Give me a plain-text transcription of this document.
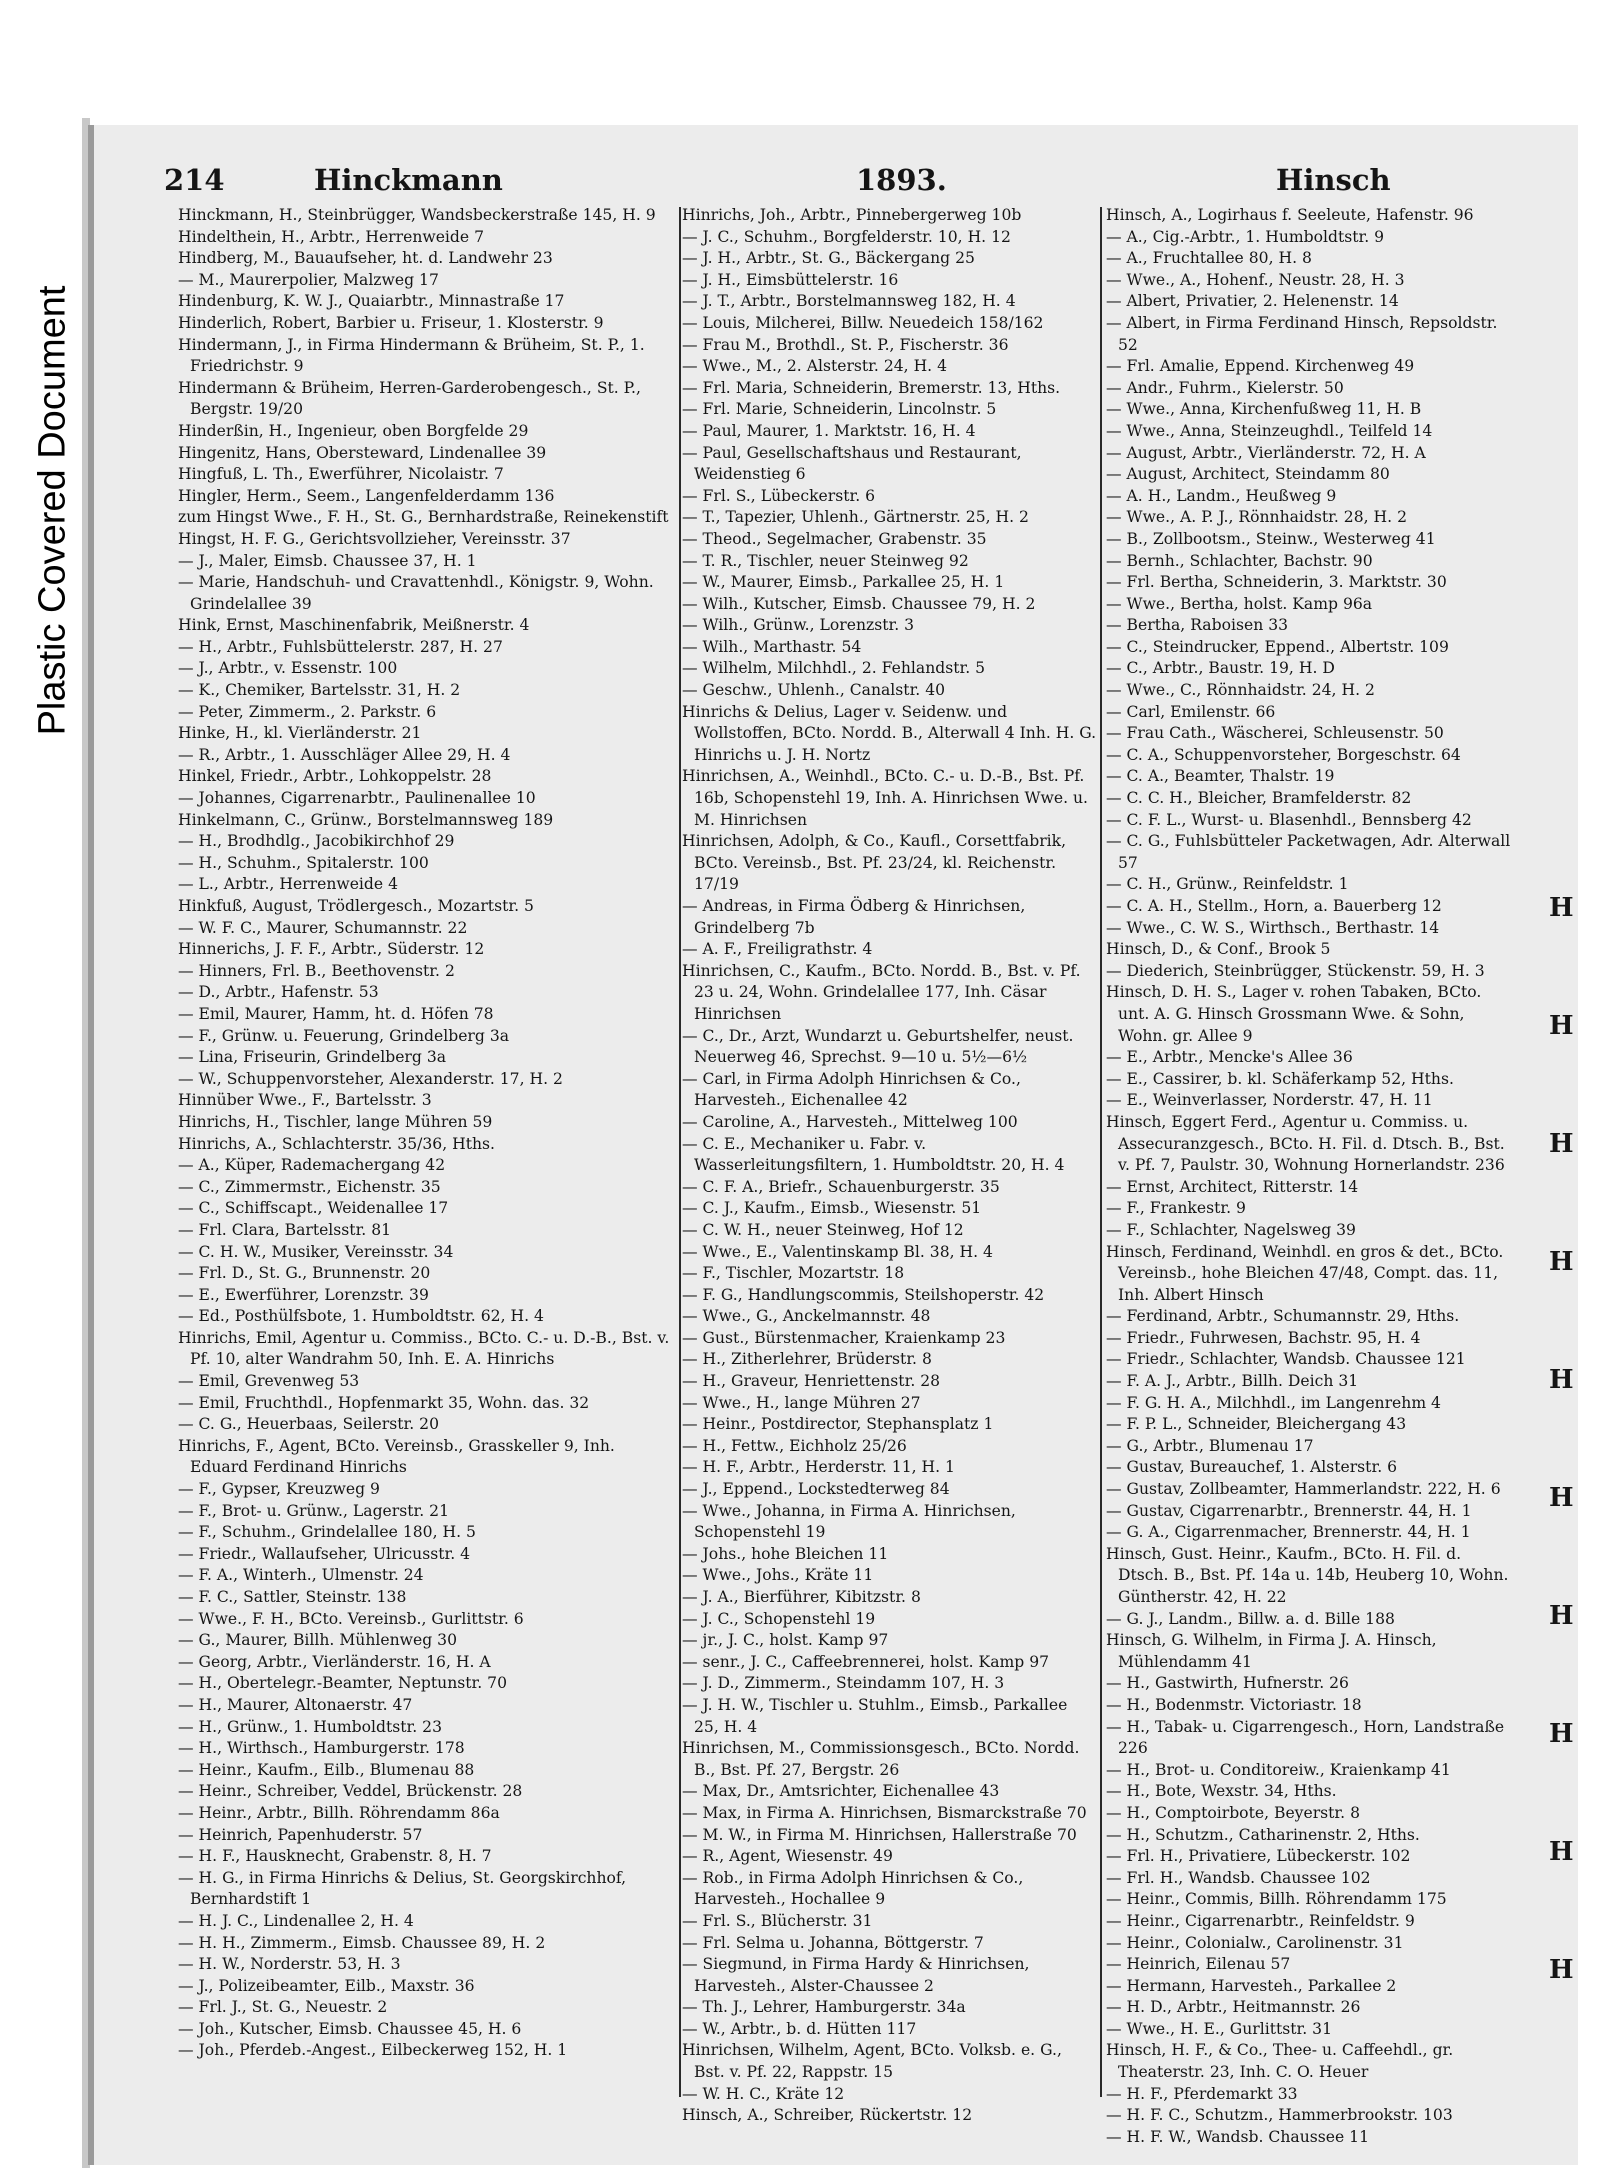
Plastic Covered Document
214	Hinckmann	1893.	Hinsch

Hinckmann, H., Steinbrügger, Wandsbeckerstraße 145, H. 9

Hindelthein, H., Arbtr., Herrenweide 7

Hindberg, M., Bauaufseher, ht. d. Landwehr 23

— M., Maurerpolier, Malzweg 17

Hindenburg, K. W. J., Quaiarbtr., Minnastraße 17

Hinderlich, Robert, Barbier u. Friseur, 1. Klosterstr. 9

Hindermann, J., in Firma Hindermann & Brüheim, St. P., 1. Friedrichstr. 9

Hindermann & Brüheim, Herren-Garderobengesch., St. P., Bergstr. 19/20

Hinderßin, H., Ingenieur, oben Borgfelde 29

Hingenitz, Hans, Obersteward, Lindenallee 39

Hingfuß, L. Th., Ewerführer, Nicolaistr. 7

Hingler, Herm., Seem., Langenfelderdamm 136

zum Hingst Wwe., F. H., St. G., Bernhardstraße, Reinekenstift

Hingst, H. F. G., Gerichtsvollzieher, Vereinsstr. 37

— J., Maler, Eimsb. Chaussee 37, H. 1

— Marie, Handschuh- und Cravattenhdl., Königstr. 9, Wohn. Grindelallee 39

Hink, Ernst, Maschinenfabrik, Meißnerstr. 4

— H., Arbtr., Fuhlsbüttelerstr. 287, H. 27

— J., Arbtr., v. Essenstr. 100

— K., Chemiker, Bartelsstr. 31, H. 2

— Peter, Zimmerm., 2. Parkstr. 6

Hinke, H., kl. Vierländerstr. 21

— R., Arbtr., 1. Ausschläger Allee 29, H. 4

Hinkel, Friedr., Arbtr., Lohkoppelstr. 28

— Johannes, Cigarrenarbtr., Paulinenallee 10

Hinkelmann, C., Grünw., Borstelmannsweg 189

— H., Brodhdlg., Jacobikirchhof 29

— H., Schuhm., Spitalerstr. 100

— L., Arbtr., Herrenweide 4

Hinkfuß, August, Trödlergesch., Mozartstr. 5

— W. F. C., Maurer, Schumannstr. 22

Hinnerichs, J. F. F., Arbtr., Süderstr. 12

— Hinners, Frl. B., Beethovenstr. 2

— D., Arbtr., Hafenstr. 53

— Emil, Maurer, Hamm, ht. d. Höfen 78

— F., Grünw. u. Feuerung, Grindelberg 3a

— Lina, Friseurin, Grindelberg 3a

— W., Schuppenvorsteher, Alexanderstr. 17, H. 2

Hinnüber Wwe., F., Bartelsstr. 3

Hinrichs, H., Tischler, lange Mühren 59

Hinrichs, A., Schlachterstr. 35/36, Hths.

— A., Küper, Rademachergang 42

— C., Zimmermstr., Eichenstr. 35

— C., Schiffscapt., Weidenallee 17

— Frl. Clara, Bartelsstr. 81

— C. H. W., Musiker, Vereinsstr. 34

— Frl. D., St. G., Brunnenstr. 20

— E., Ewerführer, Lorenzstr. 39

— Ed., Posthülfsbote, 1. Humboldtstr. 62, H. 4

Hinrichs, Emil, Agentur u. Commiss., BCto. C.- u. D.-B., Bst. v. Pf. 10, alter Wandrahm 50, Inh. E. A. Hinrichs

— Emil, Grevenweg 53

— Emil, Fruchthdl., Hopfenmarkt 35, Wohn. das. 32

— C. G., Heuerbaas, Seilerstr. 20

Hinrichs, F., Agent, BCto. Vereinsb., Grasskeller 9, Inh. Eduard Ferdinand Hinrichs

— F., Gypser, Kreuzweg 9

— F., Brot- u. Grünw., Lagerstr. 21

— F., Schuhm., Grindelallee 180, H. 5

— Friedr., Wallaufseher, Ulricusstr. 4

— F. A., Winterh., Ulmenstr. 24

— F. C., Sattler, Steinstr. 138

— Wwe., F. H., BCto. Vereinsb., Gurlittstr. 6

— G., Maurer, Billh. Mühlenweg 30

— Georg, Arbtr., Vierländerstr. 16, H. A

— H., Obertelegr.-Beamter, Neptunstr. 70

— H., Maurer, Altonaerstr. 47

— H., Grünw., 1. Humboldtstr. 23

— H., Wirthsch., Hamburgerstr. 178

— Heinr., Kaufm., Eilb., Blumenau 88

— Heinr., Schreiber, Veddel, Brückenstr. 28

— Heinr., Arbtr., Billh. Röhrendamm 86a

— Heinrich, Papenhuderstr. 57

— H. F., Hausknecht, Grabenstr. 8, H. 7

— H. G., in Firma Hinrichs & Delius, St. Georgskirchhof, Bernhardstift 1

— H. J. C., Lindenallee 2, H. 4

— H. H., Zimmerm., Eimsb. Chaussee 89, H. 2

— H. W., Norderstr. 53, H. 3

— J., Polizeibeamter, Eilb., Maxstr. 36

— Frl. J., St. G., Neuestr. 2

— Joh., Kutscher, Eimsb. Chaussee 45, H. 6

— Joh., Pferdeb.-Angest., Eilbeckerweg 152, H. 1

Hinrichs, Joh., Arbtr., Pinnebergerweg 10b

— J. C., Schuhm., Borgfelderstr. 10, H. 12

— J. H., Arbtr., St. G., Bäckergang 25

— J. H., Eimsbüttelerstr. 16

— J. T., Arbtr., Borstelmannsweg 182, H. 4

— Louis, Milcherei, Billw. Neuedeich 158/162

— Frau M., Brothdl., St. P., Fischerstr. 36

— Wwe., M., 2. Alsterstr. 24, H. 4

— Frl. Maria, Schneiderin, Bremerstr. 13, Hths.

— Frl. Marie, Schneiderin, Lincolnstr. 5

— Paul, Maurer, 1. Marktstr. 16, H. 4

— Paul, Gesellschaftshaus und Restaurant, Weidenstieg 6

— Frl. S., Lübeckerstr. 6

— T., Tapezier, Uhlenh., Gärtnerstr. 25, H. 2

— Theod., Segelmacher, Grabenstr. 35

— T. R., Tischler, neuer Steinweg 92

— W., Maurer, Eimsb., Parkallee 25, H. 1

— Wilh., Kutscher, Eimsb. Chaussee 79, H. 2

— Wilh., Grünw., Lorenzstr. 3

— Wilh., Marthastr. 54

— Wilhelm, Milchhdl., 2. Fehlandstr. 5

— Geschw., Uhlenh., Canalstr. 40

Hinrichs & Delius, Lager v. Seidenw. und Wollstoffen, BCto. Nordd. B., Alterwall 4 Inh. H. G. Hinrichs u. J. H. Nortz

Hinrichsen, A., Weinhdl., BCto. C.- u. D.-B., Bst. Pf. 16b, Schopenstehl 19, Inh. A. Hinrichsen Wwe. u. M. Hinrichsen

Hinrichsen, Adolph, & Co., Kaufl., Corsettfabrik, BCto. Vereinsb., Bst. Pf. 23/24, kl. Reichenstr. 17/19

— Andreas, in Firma Ödberg & Hinrichsen, Grindelberg 7b

— A. F., Freiligrathstr. 4

Hinrichsen, C., Kaufm., BCto. Nordd. B., Bst. v. Pf. 23 u. 24, Wohn. Grindelallee 177, Inh. Cäsar Hinrichsen

— C., Dr., Arzt, Wundarzt u. Geburtshelfer, neust. Neuerweg 46, Sprechst. 9—10 u. 5½—6½

— Carl, in Firma Adolph Hinrichsen & Co., Harvesteh., Eichenallee 42

— Caroline, A., Harvesteh., Mittelweg 100

— C. E., Mechaniker u. Fabr. v. Wasserleitungsfiltern, 1. Humboldtstr. 20, H. 4

— C. F. A., Briefr., Schauenburgerstr. 35

— C. J., Kaufm., Eimsb., Wiesenstr. 51

— C. W. H., neuer Steinweg, Hof 12

— Wwe., E., Valentinskamp Bl. 38, H. 4

— F., Tischler, Mozartstr. 18

— F. G., Handlungscommis, Steilshoperstr. 42

— Wwe., G., Anckelmannstr. 48

— Gust., Bürstenmacher, Kraienkamp 23

— H., Zitherlehrer, Brüderstr. 8

— H., Graveur, Henriettenstr. 28

— Wwe., H., lange Mühren 27

— Heinr., Postdirector, Stephansplatz 1

— H., Fettw., Eichholz 25/26

— H. F., Arbtr., Herderstr. 11, H. 1

— J., Eppend., Lockstedterweg 84

— Wwe., Johanna, in Firma A. Hinrichsen, Schopenstehl 19

— Johs., hohe Bleichen 11

— Wwe., Johs., Kräte 11

— J. A., Bierführer, Kibitzstr. 8

— J. C., Schopenstehl 19

— jr., J. C., holst. Kamp 97

— senr., J. C., Caffeebrennerei, holst. Kamp 97

— J. D., Zimmerm., Steindamm 107, H. 3

— J. H. W., Tischler u. Stuhlm., Eimsb., Parkallee 25, H. 4

Hinrichsen, M., Commissionsgesch., BCto. Nordd. B., Bst. Pf. 27, Bergstr. 26

— Max, Dr., Amtsrichter, Eichenallee 43

— Max, in Firma A. Hinrichsen, Bismarckstraße 70

— M. W., in Firma M. Hinrichsen, Hallerstraße 70

— R., Agent, Wiesenstr. 49

— Rob., in Firma Adolph Hinrichsen & Co., Harvesteh., Hochallee 9

— Frl. S., Blücherstr. 31

— Frl. Selma u. Johanna, Böttgerstr. 7

— Siegmund, in Firma Hardy & Hinrichsen, Harvesteh., Alster-Chaussee 2

— Th. J., Lehrer, Hamburgerstr. 34a

— W., Arbtr., b. d. Hütten 117

Hinrichsen, Wilhelm, Agent, BCto. Volksb. e. G., Bst. v. Pf. 22, Rappstr. 15

— W. H. C., Kräte 12

Hinsch, A., Schreiber, Rückertstr. 12

Hinsch, A., Logirhaus f. Seeleute, Hafenstr. 96

— A., Cig.-Arbtr., 1. Humboldtstr. 9

— A., Fruchtallee 80, H. 8

— Wwe., A., Hohenf., Neustr. 28, H. 3

— Albert, Privatier, 2. Helenenstr. 14

— Albert, in Firma Ferdinand Hinsch, Repsoldstr. 52

— Frl. Amalie, Eppend. Kirchenweg 49

— Andr., Fuhrm., Kielerstr. 50

— Wwe., Anna, Kirchenfußweg 11, H. B

— Wwe., Anna, Steinzeughdl., Teilfeld 14

— August, Arbtr., Vierländerstr. 72, H. A

— August, Architect, Steindamm 80

— A. H., Landm., Heußweg 9

— Wwe., A. P. J., Rönnhaidstr. 28, H. 2

— B., Zollbootsm., Steinw., Westerweg 41

— Bernh., Schlachter, Bachstr. 90

— Frl. Bertha, Schneiderin, 3. Marktstr. 30

— Wwe., Bertha, holst. Kamp 96a

— Bertha, Raboisen 33

— C., Steindrucker, Eppend., Albertstr. 109

— C., Arbtr., Baustr. 19, H. D

— Wwe., C., Rönnhaidstr. 24, H. 2

— Carl, Emilenstr. 66

— Frau Cath., Wäscherei, Schleusenstr. 50

— C. A., Schuppenvorsteher, Borgeschstr. 64

— C. A., Beamter, Thalstr. 19

— C. C. H., Bleicher, Bramfelderstr. 82

— C. F. L., Wurst- u. Blasenhdl., Bennsberg 42

— C. G., Fuhlsbütteler Packetwagen, Adr. Alterwall 57

— C. H., Grünw., Reinfeldstr. 1

— C. A. H., Stellm., Horn, a. Bauerberg 12

— Wwe., C. W. S., Wirthsch., Berthastr. 14

Hinsch, D., & Conf., Brook 5

— Diederich, Steinbrügger, Stückenstr. 59, H. 3

Hinsch, D. H. S., Lager v. rohen Tabaken, BCto. unt. A. G. Hinsch Grossmann Wwe. & Sohn, Wohn. gr. Allee 9

— E., Arbtr., Mencke's Allee 36

— E., Cassirer, b. kl. Schäferkamp 52, Hths.

— E., Weinverlasser, Norderstr. 47, H. 11

Hinsch, Eggert Ferd., Agentur u. Commiss. u. Assecuranzgesch., BCto. H. Fil. d. Dtsch. B., Bst. v. Pf. 7, Paulstr. 30, Wohnung Hornerlandstr. 236

— Ernst, Architect, Ritterstr. 14

— F., Frankestr. 9

— F., Schlachter, Nagelsweg 39

Hinsch, Ferdinand, Weinhdl. en gros & det., BCto. Vereinsb., hohe Bleichen 47/48, Compt. das. 11, Inh. Albert Hinsch

— Ferdinand, Arbtr., Schumannstr. 29, Hths.

— Friedr., Fuhrwesen, Bachstr. 95, H. 4

— Friedr., Schlachter, Wandsb. Chaussee 121

— F. A. J., Arbtr., Billh. Deich 31

— F. G. H. A., Milchhdl., im Langenrehm 4

— F. P. L., Schneider, Bleichergang 43

— G., Arbtr., Blumenau 17

— Gustav, Bureauchef, 1. Alsterstr. 6

— Gustav, Zollbeamter, Hammerlandstr. 222, H. 6

— Gustav, Cigarrenarbtr., Brennerstr. 44, H. 1

— G. A., Cigarrenmacher, Brennerstr. 44, H. 1

Hinsch, Gust. Heinr., Kaufm., BCto. H. Fil. d. Dtsch. B., Bst. Pf. 14a u. 14b, Heuberg 10, Wohn. Güntherstr. 42, H. 22

— G. J., Landm., Billw. a. d. Bille 188

Hinsch, G. Wilhelm, in Firma J. A. Hinsch, Mühlendamm 41

— H., Gastwirth, Hufnerstr. 26

— H., Bodenmstr. Victoriastr. 18

— H., Tabak- u. Cigarrengesch., Horn, Landstraße 226

— H., Brot- u. Conditoreiw., Kraienkamp 41

— H., Bote, Wexstr. 34, Hths.

— H., Comptoirbote, Beyerstr. 8

— H., Schutzm., Catharinenstr. 2, Hths.

— Frl. H., Privatiere, Lübeckerstr. 102

— Frl. H., Wandsb. Chaussee 102

— Heinr., Commis, Billh. Röhrendamm 175

— Heinr., Cigarrenarbtr., Reinfeldstr. 9

— Heinr., Colonialw., Carolinenstr. 31

— Heinrich, Eilenau 57

— Hermann, Harvesteh., Parkallee 2

— H. D., Arbtr., Heitmannstr. 26

— Wwe., H. E., Gurlittstr. 31

Hinsch, H. F., & Co., Thee- u. Caffeehdl., gr. Theaterstr. 23, Inh. C. O. Heuer

— H. F., Pferdemarkt 33

— H. F. C., Schutzm., Hammerbrookstr. 103

— H. F. W., Wandsb. Chaussee 11

H
H
H
H
H
H
H
H
H
H
